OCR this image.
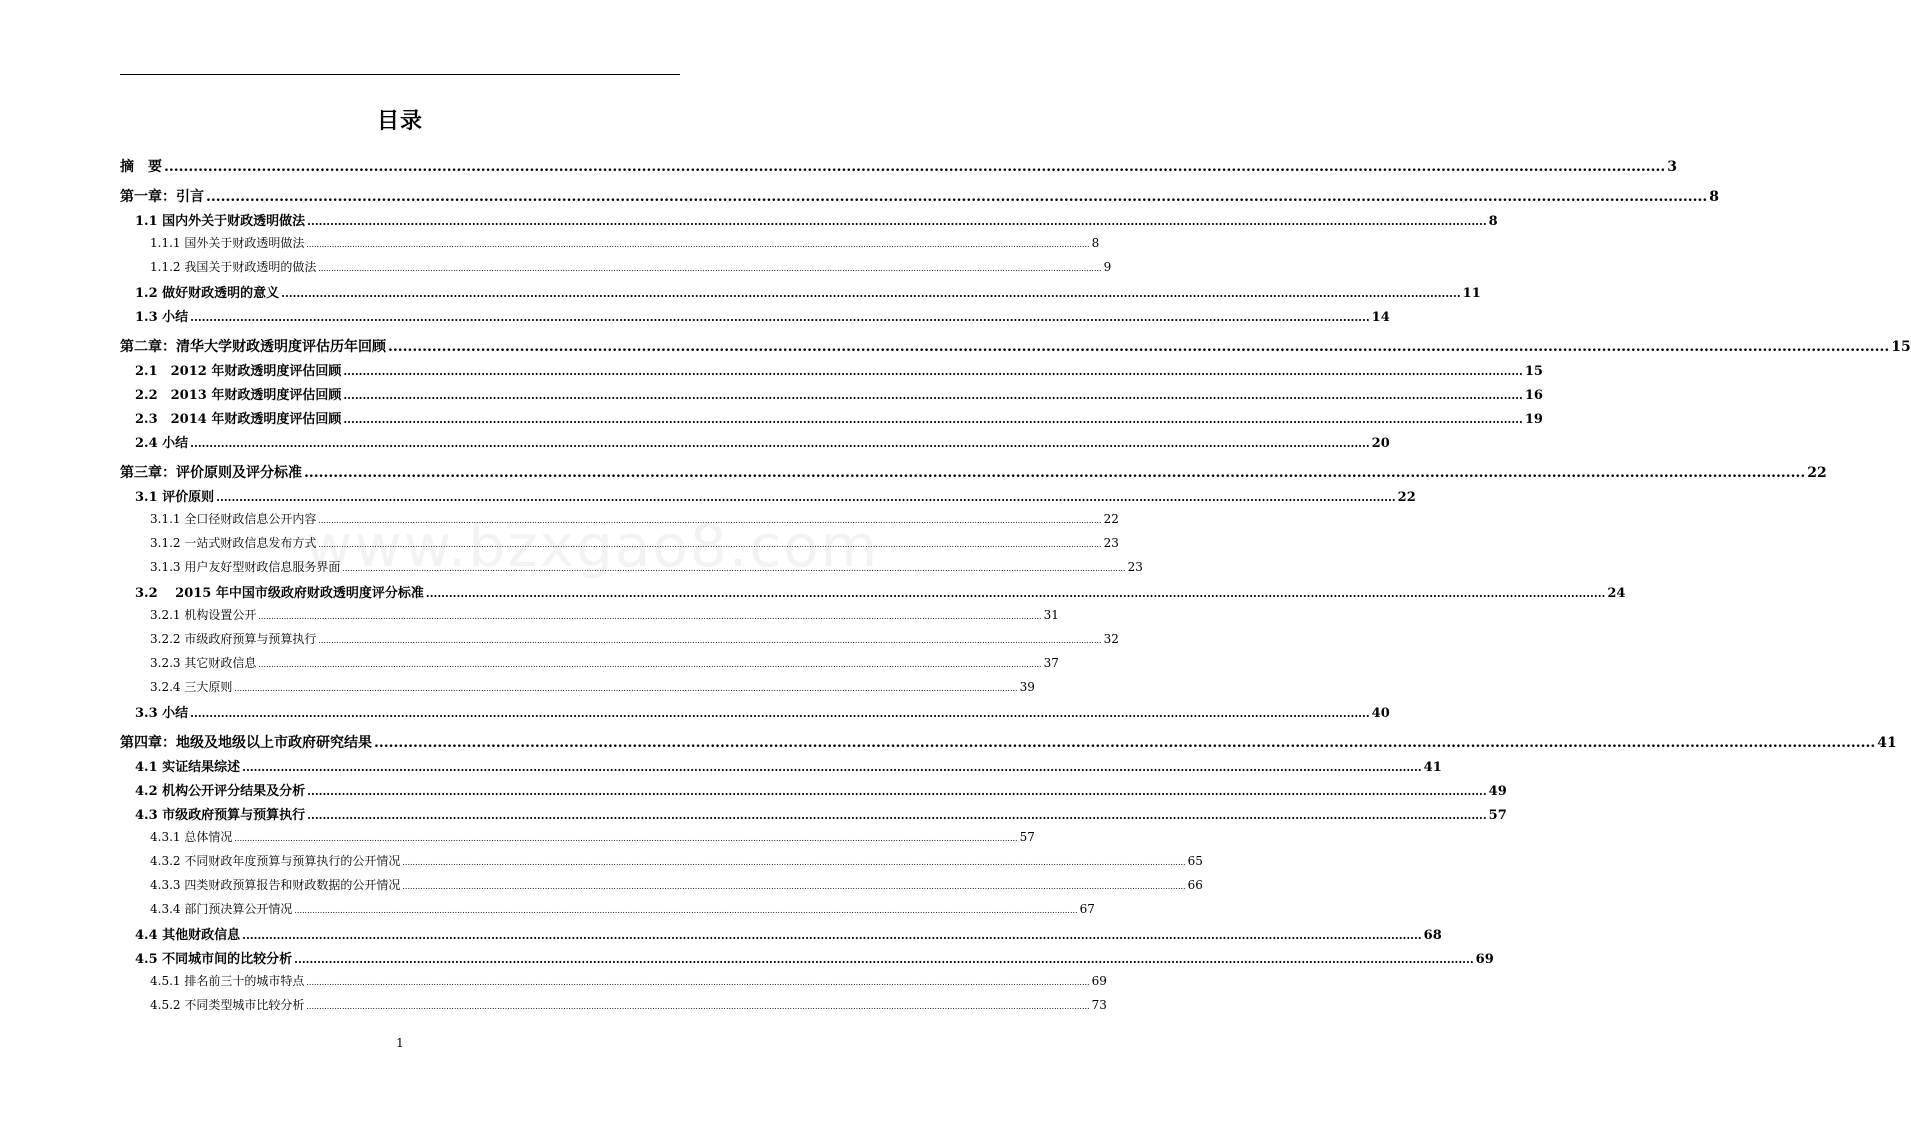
目录
www.bzxgao8.com
摘　要 .....	3
第一章：引言 .....	8
1.1 国内外关于财政透明做法 .....	8
1.1.1 国外关于财政透明做法 .....	8
1.1.2 我国关于财政透明的做法 .....	9
1.2 做好财政透明的意义 .....	11
1.3 小结 .....	14
第二章：清华大学财政透明度评估历年回顾 .....	15
2.1　2012 年财政透明度评估回顾 .....	15
2.2　2013 年财政透明度评估回顾 .....	16
2.3　2014 年财政透明度评估回顾 .....	19
2.4 小结 .....	20
第三章：评价原则及评分标准 .....	22
3.1 评价原则 .....	22
3.1.1 全口径财政信息公开内容 .....	22
3.1.2 一站式财政信息发布方式 .....	23
3.1.3 用户友好型财政信息服务界面 .....	23
3.2　 2015 年中国市级政府财政透明度评分标准 .....	24
3.2.1 机构设置公开 .....	31
3.2.2 市级政府预算与预算执行 .....	32
3.2.3 其它财政信息 .....	37
3.2.4 三大原则 .....	39
3.3 小结 .....	40
第四章：地级及地级以上市政府研究结果 .....	41
4.1 实证结果综述 .....	41
4.2 机构公开评分结果及分析 .....	49
4.3 市级政府预算与预算执行 .....	57
4.3.1 总体情况 .....	57
4.3.2 不同财政年度预算与预算执行的公开情况 .....	65
4.3.3 四类财政预算报告和财政数据的公开情况 .....	66
4.3.4 部门预决算公开情况 .....	67
4.4 其他财政信息 .....	68
4.5 不同城市间的比较分析 .....	69
4.5.1 排名前三十的城市特点 .....	69
4.5.2 不同类型城市比较分析 .....	73
1
